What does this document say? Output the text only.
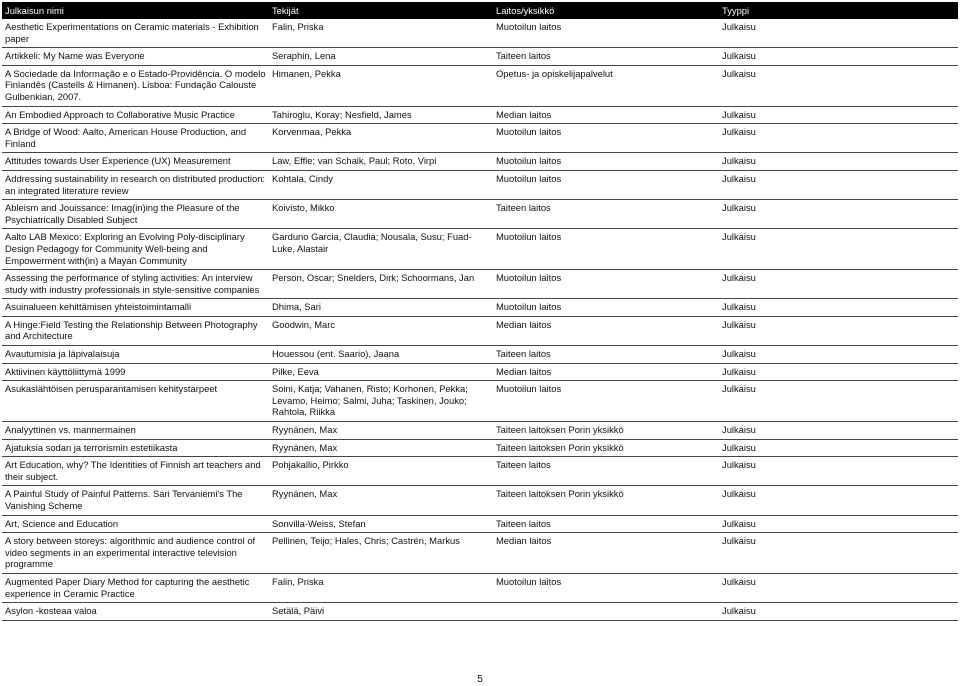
Julkaisun nimi	Tekijät	Laitos/yksikkö	Tyyppi
Aesthetic Experimentations on Ceramic materials - Exhibition paper	Falin, Priska	Muotoilun laitos	Julkaisu
Artikkeli: My Name was Everyone	Seraphin, Lena	Taiteen laitos	Julkaisu
A Sociedade da Informação e o Estado-Providência. O modelo Finlandês (Castells & Himanen). Lisboa: Fundação Calouste Gulbenkian, 2007.	Himanen, Pekka	Opetus- ja opiskelijapalvelut	Julkaisu
An Embodied Approach to Collaborative Music Practice	Tahiroglu, Koray; Nesfield, James	Median laitos	Julkaisu
A Bridge of Wood: Aalto, American House Production, and Finland	Korvenmaa, Pekka	Muotoilun laitos	Julkaisu
Attitudes towards User Experience (UX) Measurement	Law, Effie; van Schaik, Paul; Roto, Virpi	Muotoilun laitos	Julkaisu
Addressing sustainability in research on distributed production: an integrated literature review	Kohtala, Cindy	Muotoilun laitos	Julkaisu
Ableism and Jouissance: Imag(in)ing the Pleasure of the Psychiatrically Disabled Subject	Koivisto, Mikko	Taiteen laitos	Julkaisu
Aalto LAB Mexico: Exploring an Evolving Poly-disciplinary Design Pedagogy for Community Well-being and Empowerment with(in) a Mayan Community	Garduno Garcia, Claudia; Nousala, Susu; Fuad-Luke, Alastair	Muotoilun laitos	Julkaisu
Assessing the performance of styling activities: An interview study with industry professionals in style-sensitive companies	Person, Oscar; Snelders, Dirk; Schoormans, Jan	Muotoilun laitos	Julkaisu
Asuinalueen kehittämisen yhteistoimintamalli	Dhima, Sari	Muotoilun laitos	Julkaisu
A Hinge:Field Testing the Relationship Between Photography and Architecture	Goodwin, Marc	Median laitos	Julkaisu
Avautumisia ja läpivalaisuja	Houessou (ent. Saario), Jaana	Taiteen laitos	Julkaisu
Aktiivinen käyttöliittymä 1999	Pilke, Eeva	Median laitos	Julkaisu
Asukaslähtöisen perusparantamisen kehitystarpeet	Soini, Katja; Vahanen, Risto; Korhonen, Pekka; Levamo, Heimo; Salmi, Juha; Taskinen, Jouko; Rahtola, Riikka	Muotoilun laitos	Julkaisu
Analyyttinen vs. mannermainen	Ryynänen, Max	Taiteen laitoksen Porin yksikkö	Julkaisu
Ajatuksia sodan ja terrorismin estetiikasta	Ryynänen, Max	Taiteen laitoksen Porin yksikkö	Julkaisu
Art Education, why? The Identities of Finnish art teachers and their subject.	Pohjakallio, Pirkko	Taiteen laitos	Julkaisu
A Painful Study of Painful Patterns. Sari Tervaniemi's The Vanishing Scheme	Ryynänen, Max	Taiteen laitoksen Porin yksikkö	Julkaisu
Art, Science and Education	Sonvilla-Weiss, Stefan	Taiteen laitos	Julkaisu
A story between storeys: algorithmic and audience control of video segments in an experimental interactive television programme	Pellinen, Teijo; Hales, Chris; Castrén, Markus	Median laitos	Julkaisu
Augmented Paper Diary Method for capturing the aesthetic experience in Ceramic Practice	Falin, Priska	Muotoilun laitos	Julkaisu
Asylon -kosteaa valoa	Setälä, Päivi		Julkaisu
5
